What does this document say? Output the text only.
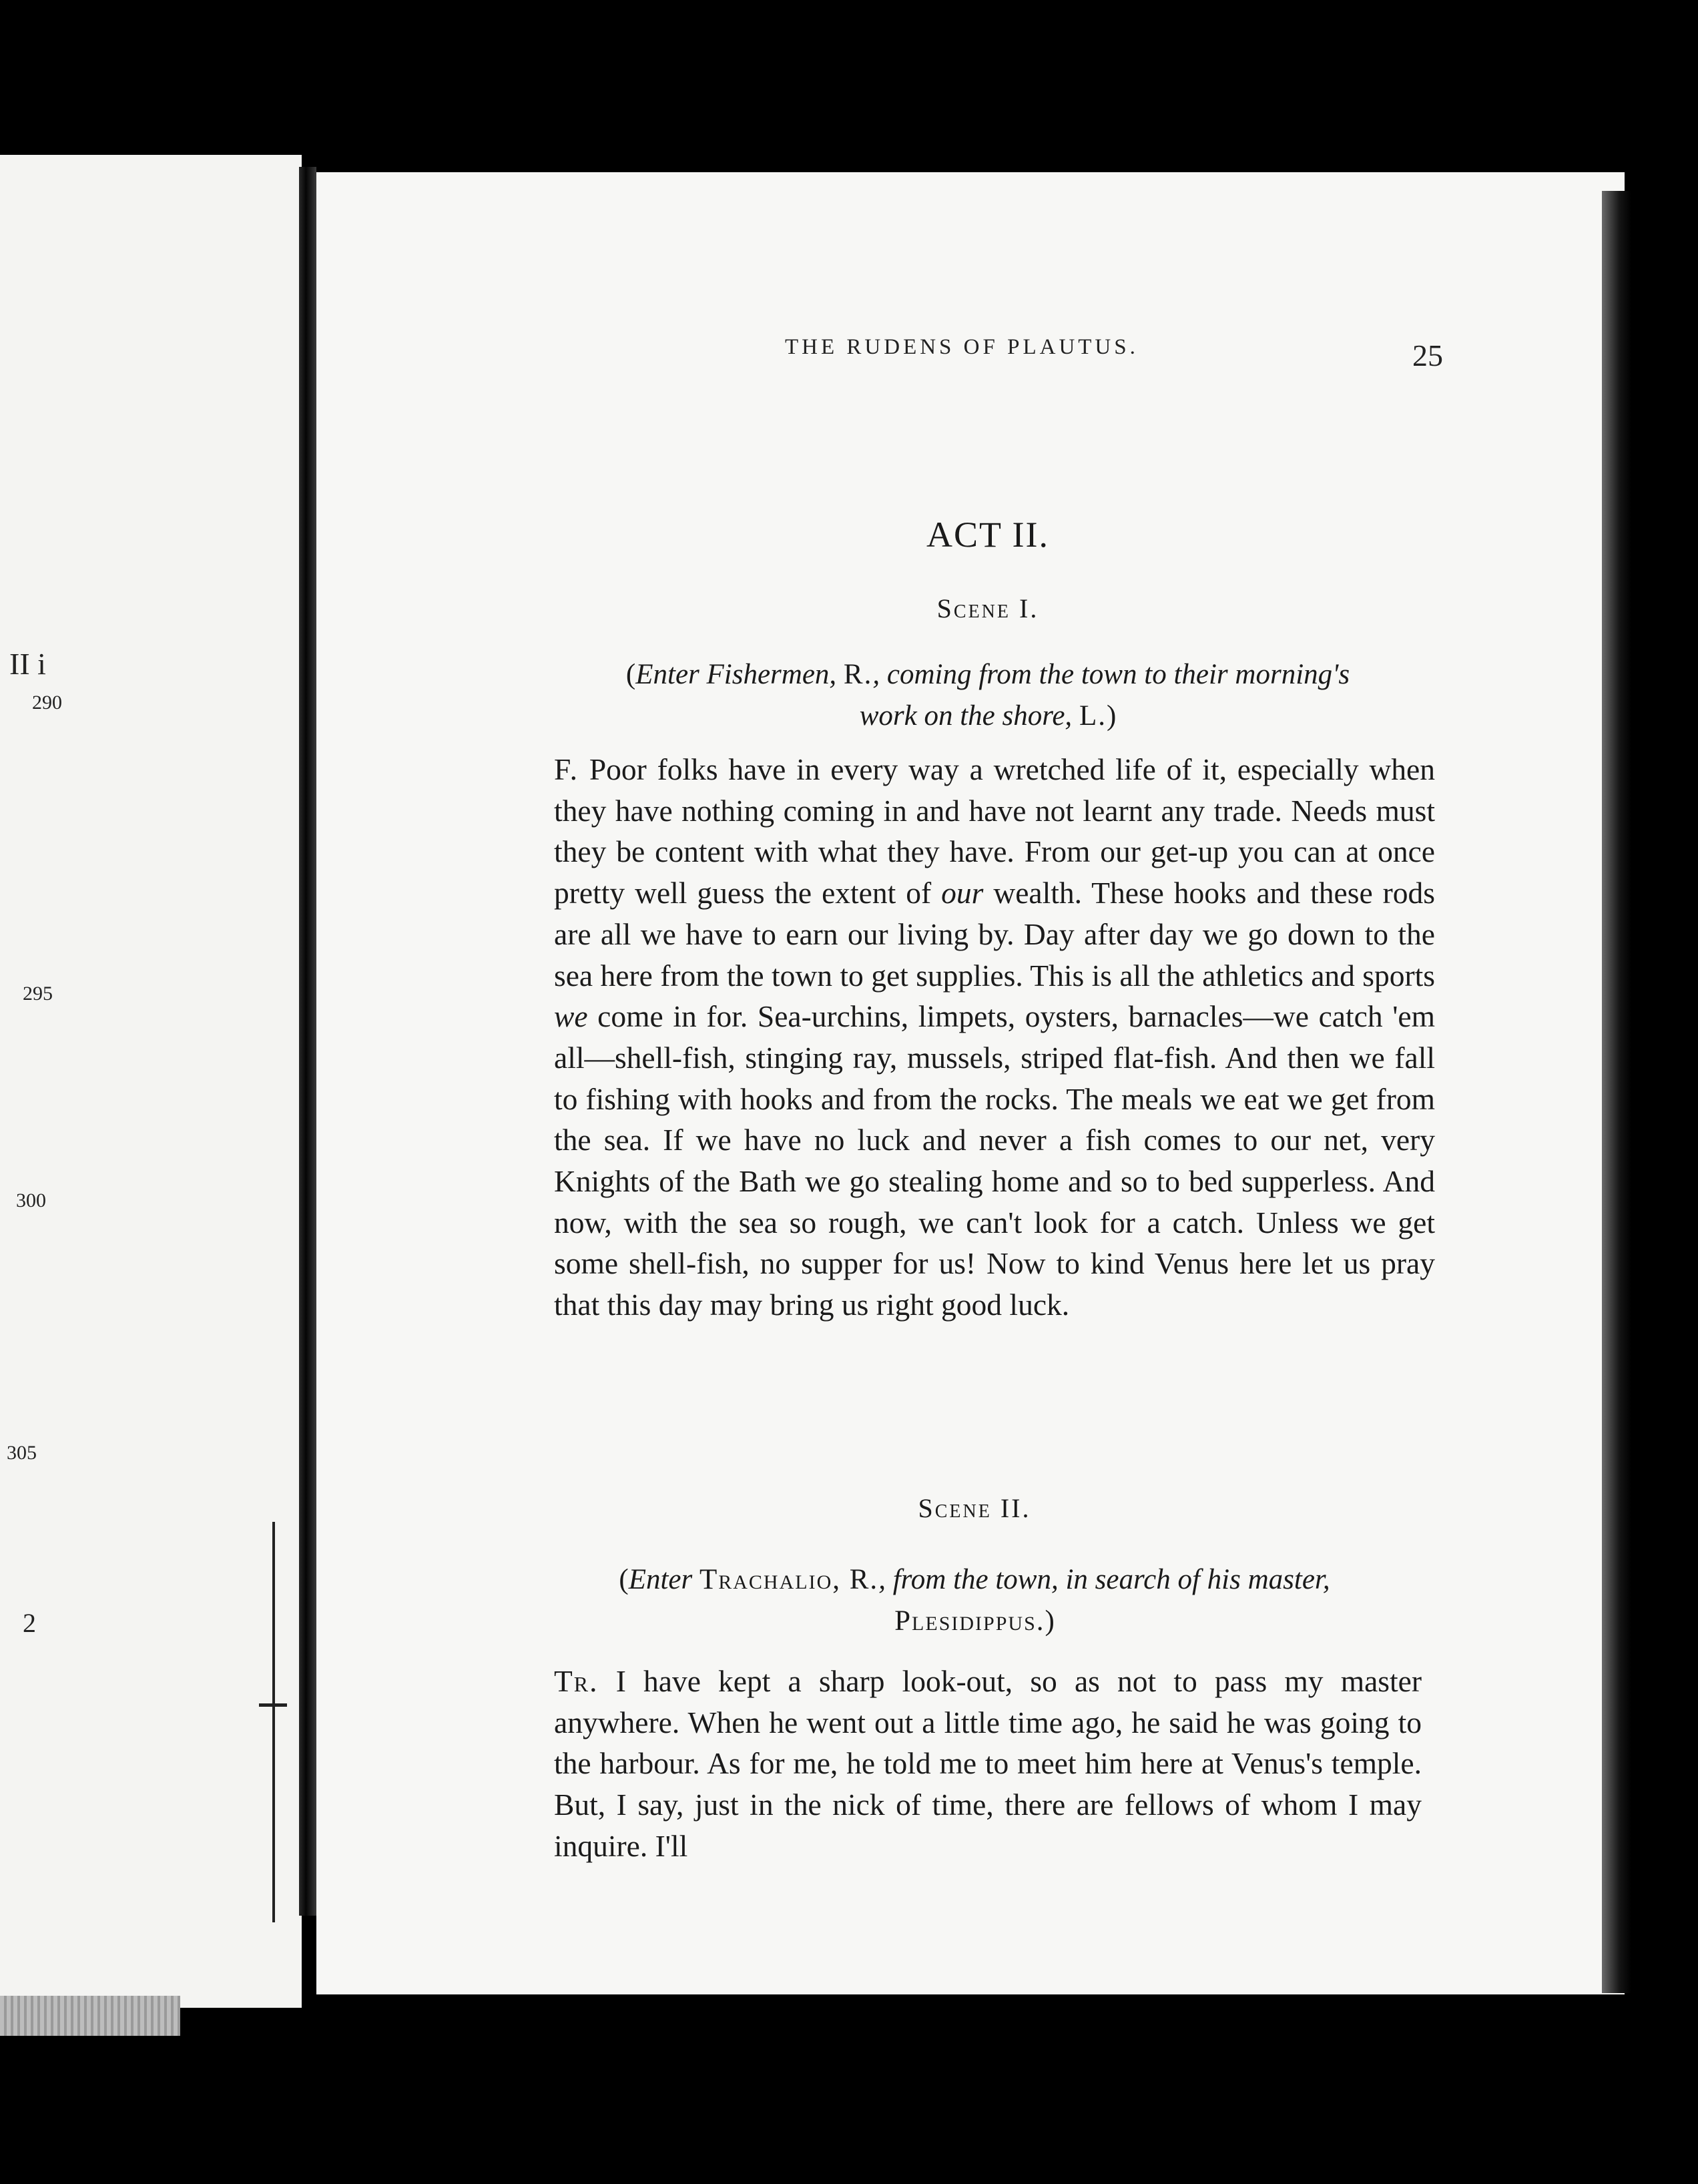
II i
290
295
300
305
2
THE RUDENS OF PLAUTUS.	25
ACT II.
Scene I.
(Enter Fishermen, R., coming from the town to their morning's work on the shore, L.)
F. Poor folks have in every way a wretched life of it, especially when they have nothing coming in and have not learnt any trade. Needs must they be content with what they have. From our get-up you can at once pretty well guess the extent of our wealth. These hooks and these rods are all we have to earn our living by. Day after day we go down to the sea here from the town to get supplies. This is all the athletics and sports we come in for. Sea-urchins, limpets, oysters, barnacles—we catch 'em all—shell-fish, stinging ray, mussels, striped flat-fish. And then we fall to fishing with hooks and from the rocks. The meals we eat we get from the sea. If we have no luck and never a fish comes to our net, very Knights of the Bath we go stealing home and so to bed supperless. And now, with the sea so rough, we can't look for a catch. Unless we get some shell-fish, no supper for us! Now to kind Venus here let us pray that this day may bring us right good luck.
Scene II.
(Enter Trachalio, R., from the town, in search of his master, Plesidippus.)
Tr. I have kept a sharp look-out, so as not to pass my master anywhere. When he went out a little time ago, he said he was going to the harbour. As for me, he told me to meet him here at Venus's temple. But, I say, just in the nick of time, there are fellows of whom I may inquire. I'll
